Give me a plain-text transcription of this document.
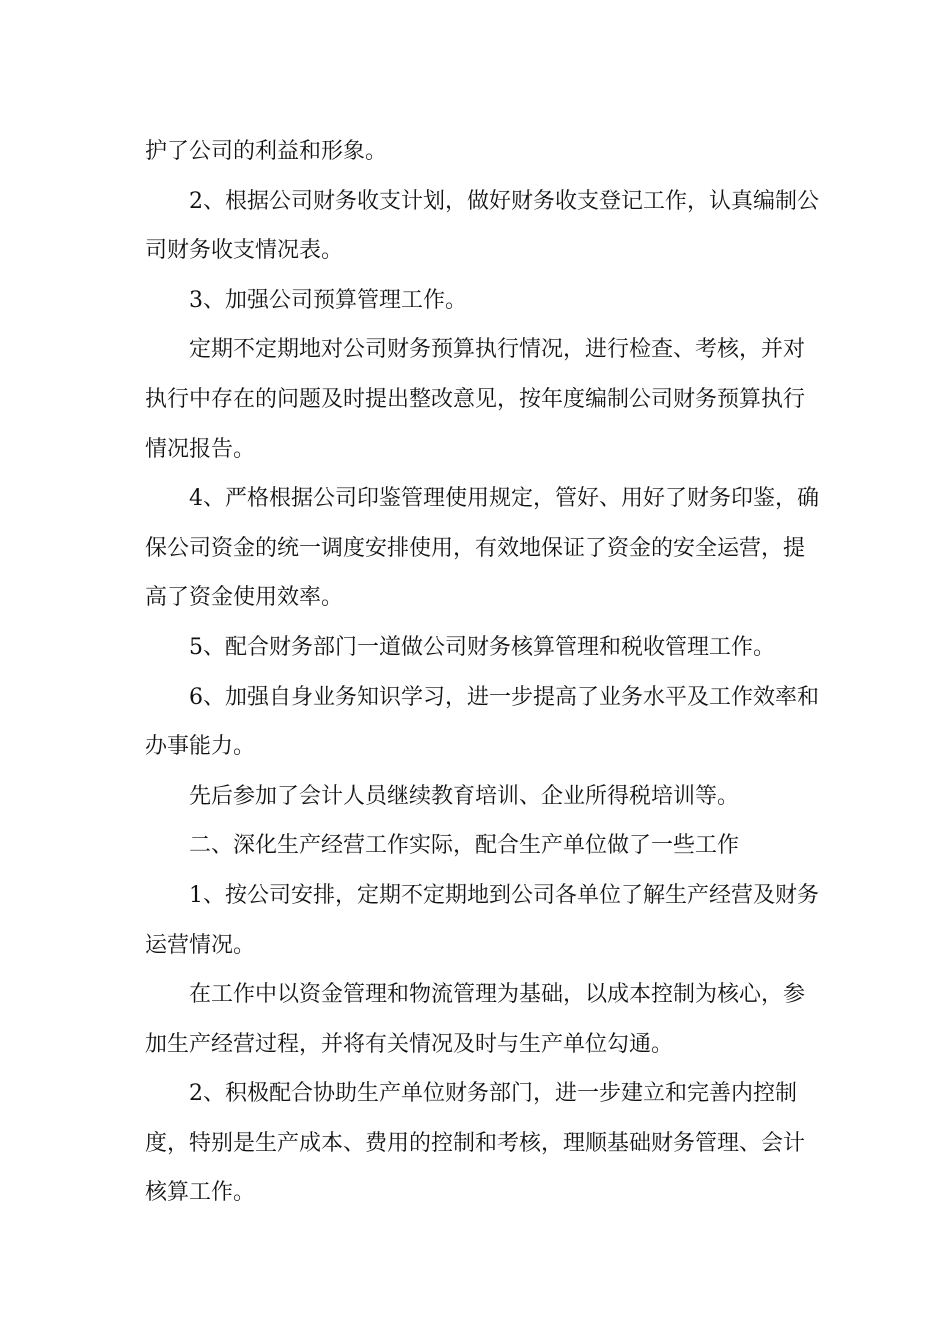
护了公司的利益和形象。

2、根据公司财务收支计划，做好财务收支登记工作，认真编制公司财务收支情况表。

3、加强公司预算管理工作。

定期不定期地对公司财务预算执行情况，进行检查、考核，并对执行中存在的问题及时提出整改意见，按年度编制公司财务预算执行情况报告。

4、严格根据公司印鉴管理使用规定，管好、用好了财务印鉴，确保公司资金的统一调度安排使用，有效地保证了资金的安全运营，提高了资金使用效率。

5、配合财务部门一道做公司财务核算管理和税收管理工作。

6、加强自身业务知识学习，进一步提高了业务水平及工作效率和办事能力。

先后参加了会计人员继续教育培训、企业所得税培训等。

二、深化生产经营工作实际，配合生产单位做了一些工作

1、按公司安排，定期不定期地到公司各单位了解生产经营及财务运营情况。

在工作中以资金管理和物流管理为基础，以成本控制为核心，参加生产经营过程，并将有关情况及时与生产单位勾通。

2、积极配合协助生产单位财务部门，进一步建立和完善内控制度，特别是生产成本、费用的控制和考核，理顺基础财务管理、会计核算工作。
